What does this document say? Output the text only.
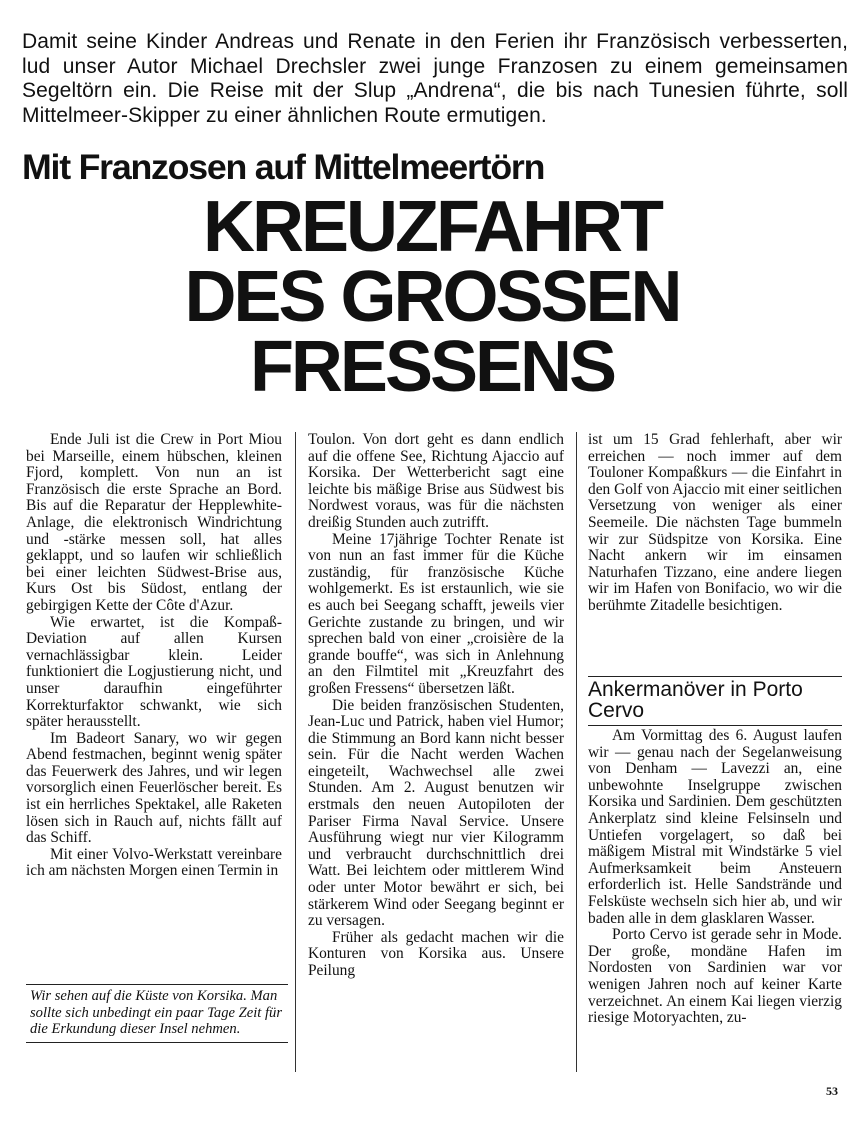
Damit seine Kinder Andreas und Renate in den Ferien ihr Französisch verbesserten, lud unser Autor Michael Drechsler zwei junge Franzosen zu einem gemeinsamen Segeltörn ein. Die Reise mit der Slup „Andrena“, die bis nach Tunesien führte, soll Mittelmeer-Skipper zu einer ähnlichen Route ermutigen.

Mit Franzosen auf Mittelmeertörn
KREUZFAHRT
DES GROSSEN
FRESSENS

Ende Juli ist die Crew in Port Miou bei Marseille, einem hübschen, kleinen Fjord, komplett. Von nun an ist Französisch die erste Sprache an Bord. Bis auf die Reparatur der Hepplewhite-Anlage, die elektronisch Windrichtung und -stärke messen soll, hat alles geklappt, und so laufen wir schließlich bei einer leichten Südwest-Brise aus, Kurs Ost bis Südost, entlang der gebirgigen Kette der Côte d'Azur.

Wie erwartet, ist die Kompaß-Deviation auf allen Kursen vernachlässigbar klein. Leider funktioniert die Logjustierung nicht, und unser daraufhin eingeführter Korrekturfaktor schwankt, wie sich später herausstellt.

Im Badeort Sanary, wo wir gegen Abend festmachen, beginnt wenig später das Feuerwerk des Jahres, und wir legen vorsorglich einen Feuerlöscher bereit. Es ist ein herrliches Spektakel, alle Raketen lösen sich in Rauch auf, nichts fällt auf das Schiff.

Mit einer Volvo-Werkstatt vereinbare ich am nächsten Morgen einen Termin in

Wir sehen auf die Küste von Korsika. Man sollte sich unbedingt ein paar Tage Zeit für die Erkundung dieser Insel nehmen.

Toulon. Von dort geht es dann endlich auf die offene See, Richtung Ajaccio auf Korsika. Der Wetterbericht sagt eine leichte bis mäßige Brise aus Südwest bis Nordwest voraus, was für die nächsten dreißig Stunden auch zutrifft.

Meine 17jährige Tochter Renate ist von nun an fast immer für die Küche zuständig, für französische Küche wohlgemerkt. Es ist erstaunlich, wie sie es auch bei Seegang schafft, jeweils vier Gerichte zustande zu bringen, und wir sprechen bald von einer „croisière de la grande bouffe“, was sich in Anlehnung an den Filmtitel mit „Kreuzfahrt des großen Fressens“ übersetzen läßt.

Die beiden französischen Studenten, Jean-Luc und Patrick, haben viel Humor; die Stimmung an Bord kann nicht besser sein. Für die Nacht werden Wachen eingeteilt, Wachwechsel alle zwei Stunden. Am 2. August benutzen wir erstmals den neuen Autopiloten der Pariser Firma Naval Service. Unsere Ausführung wiegt nur vier Kilogramm und verbraucht durchschnittlich drei Watt. Bei leichtem oder mittlerem Wind oder unter Motor bewährt er sich, bei stärkerem Wind oder Seegang beginnt er zu versagen.

Früher als gedacht machen wir die Konturen von Korsika aus. Unsere Peilung

ist um 15 Grad fehlerhaft, aber wir erreichen — noch immer auf dem Touloner Kompaßkurs — die Einfahrt in den Golf von Ajaccio mit einer seitlichen Versetzung von weniger als einer Seemeile. Die nächsten Tage bummeln wir zur Südspitze von Korsika. Eine Nacht ankern wir im einsamen Naturhafen Tizzano, eine andere liegen wir im Hafen von Bonifacio, wo wir die berühmte Zitadelle besichtigen.

Ankermanöver in Porto Cervo

Am Vormittag des 6. August laufen wir — genau nach der Segelanweisung von Denham — Lavezzi an, eine unbewohnte Inselgruppe zwischen Korsika und Sardinien. Dem geschützten Ankerplatz sind kleine Felsinseln und Untiefen vorgelagert, so daß bei mäßigem Mistral mit Windstärke 5 viel Aufmerksamkeit beim Ansteuern erforderlich ist. Helle Sandstrände und Felsküste wechseln sich hier ab, und wir baden alle in dem glasklaren Wasser.

Porto Cervo ist gerade sehr in Mode. Der große, mondäne Hafen im Nordosten von Sardinien war vor wenigen Jahren noch auf keiner Karte verzeichnet. An einem Kai liegen vierzig riesige Motoryachten, zu-

53
